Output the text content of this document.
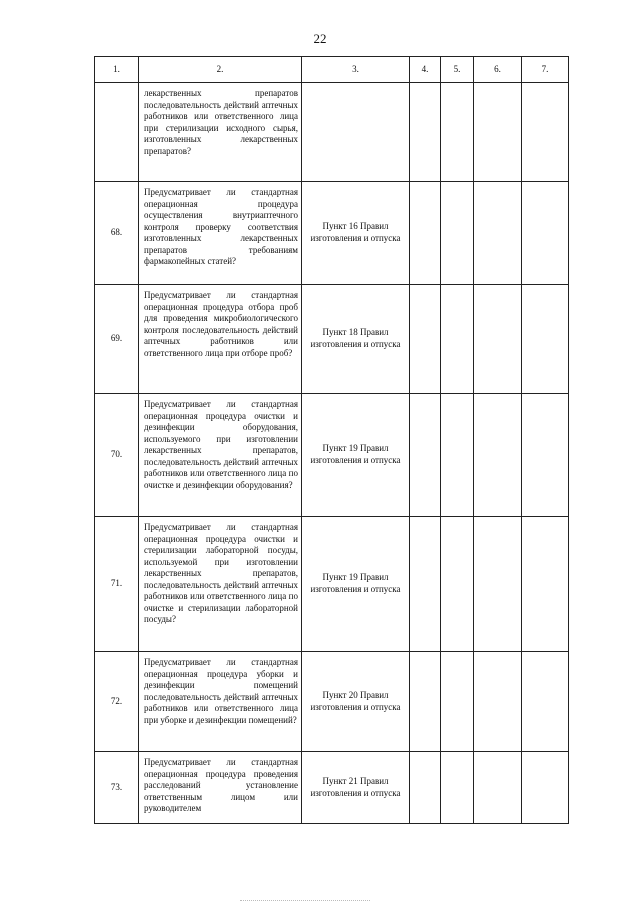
22
1.	2.	3.	4.	5.	6.	7.
	лекарственных препаратов последовательность действий аптечных работников или ответственного лица при стерилизации исходного сырья, изготовленных лекарственных препаратов?					
68.	Предусматривает ли стандартная операционная процедура осуществления внутриаптечного контроля проверку соответствия изготовленных лекарственных препаратов требованиям фармакопейных статей?	Пункт 16 Правил изготовления и отпуска				
69.	Предусматривает ли стандартная операционная процедура отбора проб для проведения микробиологического контроля последовательность действий аптечных работников или ответственного лица при отборе проб?	Пункт 18 Правил изготовления и отпуска				
70.	Предусматривает ли стандартная операционная процедура очистки и дезинфекции оборудования, используемого при изготовлении лекарственных препаратов, последовательность действий аптечных работников или ответственного лица по очистке и дезинфекции оборудования?	Пункт 19 Правил изготовления и отпуска				
71.	Предусматривает ли стандартная операционная процедура очистки и стерилизации лабораторной посуды, используемой при изготовлении лекарственных препаратов, последовательность действий аптечных работников или ответственного лица по очистке и стерилизации лабораторной посуды?	Пункт 19 Правил изготовления и отпуска				
72.	Предусматривает ли стандартная операционная процедура уборки и дезинфекции помещений последовательность действий аптечных работников или ответственного лица при уборке и дезинфекции помещений?	Пункт 20 Правил изготовления и отпуска				
73.	Предусматривает ли стандартная операционная процедура проведения расследований установление ответственным лицом или руководителем	Пункт 21 Правил изготовления и отпуска				
